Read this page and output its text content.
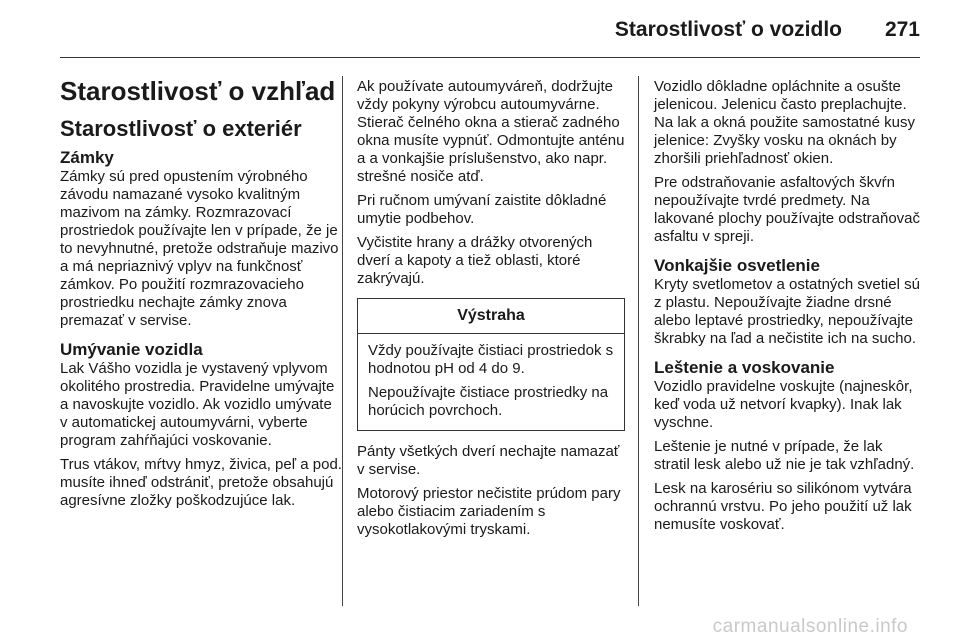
Starostlivosť o vozidlo 271
Starostlivosť o vzhľad
Starostlivosť o exteriér
Zámky

Zámky sú pred opustením výrobného závodu namazané vysoko kvalitným mazivom na zámky. Rozmrazovací prostriedok používajte len v prípade, že je to nevyhnutné, pretože odstraňuje mazivo a má nepriaznivý vplyv na funkčnosť zámkov. Po použití rozmrazovacieho prostriedku nechajte zámky znova premazať v servise.

Umývanie vozidla

Lak Vášho vozidla je vystavený vplyvom okolitého prostredia. Pravidelne umývajte a navoskujte vozidlo. Ak vozidlo umývate v automatickej autoumyvárni, vyberte program zahŕňajúci voskovanie.

Trus vtákov, mŕtvy hmyz, živica, peľ a pod. musíte ihneď odstrániť, pretože obsahujú agresívne zložky poškodzujúce lak.

Ak používate autoumyváreň, dodržujte vždy pokyny výrobcu autoumyvárne. Stierač čelného okna a stierač zadného okna musíte vypnúť. Odmontujte anténu a a vonkajšie príslušenstvo, ako napr. strešné nosiče atď.

Pri ručnom umývaní zaistite dôkladné umytie podbehov.

Vyčistite hrany a drážky otvorených dverí a kapoty a tiež oblasti, ktoré zakrývajú.

Výstraha

Vždy používajte čistiaci prostriedok s hodnotou pH od 4 do 9.

Nepoužívajte čistiace prostriedky na horúcich povrchoch.

Pánty všetkých dverí nechajte namazať v servise.

Motorový priestor nečistite prúdom pary alebo čistiacim zariadením s vysokotlakovými tryskami.

Vozidlo dôkladne opláchnite a osušte jelenicou. Jelenicu často preplachujte. Na lak a okná použite samostatné kusy jelenice: Zvyšky vosku na oknách by zhoršili priehľadnosť okien.

Pre odstraňovanie asfaltových škvŕn nepoužívajte tvrdé predmety. Na lakované plochy používajte odstraňovač asfaltu v spreji.

Vonkajšie osvetlenie

Kryty svetlometov a ostatných svetiel sú z plastu. Nepoužívajte žiadne drsné alebo leptavé prostriedky, nepoužívajte škrabky na ľad a nečistite ich na sucho.

Leštenie a voskovanie

Vozidlo pravidelne voskujte (najneskôr, keď voda už netvorí kvapky). Inak lak vyschne.

Leštenie je nutné v prípade, že lak stratil lesk alebo už nie je tak vzhľadný.

Lesk na karosériu so silikónom vytvára ochrannú vrstvu. Po jeho použití už lak nemusíte voskovať.

carmanualsonline.info
